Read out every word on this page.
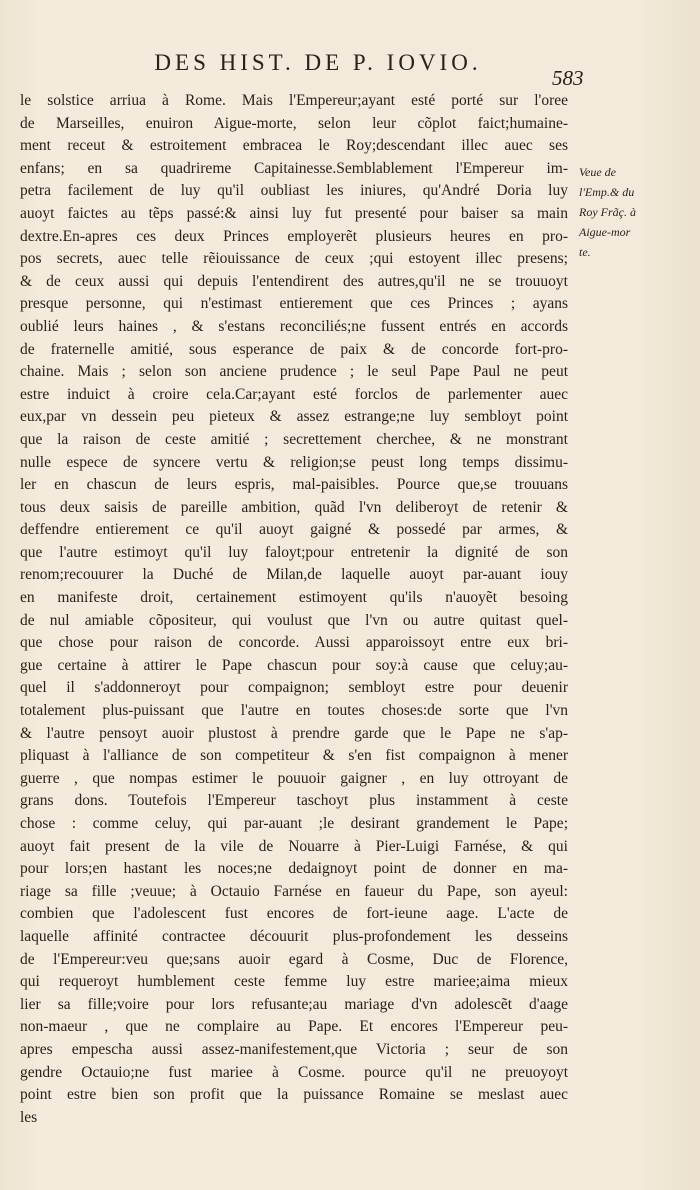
DES HIST. DE P. IOVIO.
583
Veue de
l'Emp.& du
Roy Frãç. à
Aigue-mor
te.
le solstice arriua à Rome. Mais l'Empereur;ayant esté porté sur l'oree
de Marseilles, enuiron Aigue-morte, selon leur cõplot faict;humaine-
ment receut & estroitement embracea le Roy;descendant illec auec ses
enfans; en sa quadrireme Capitainesse.Semblablement l'Empereur im-
petra facilement de luy qu'il oubliast les iniures, qu'André Doria luy
auoyt faictes au tẽps passé:& ainsi luy fut presenté pour baiser sa main
dextre.En-apres ces deux Princes employerẽt plusieurs heures en pro-
pos secrets, auec telle rẽiouissance de ceux ;qui estoyent illec presens;
& de ceux aussi qui depuis l'entendirent des autres,qu'il ne se trouuoyt
presque personne, qui n'estimast entierement que ces Princes ; ayans
oublié leurs haines , & s'estans reconciliés;ne fussent entrés en accords
de fraternelle amitié, sous esperance de paix & de concorde fort-pro-
chaine. Mais ; selon son anciene prudence ; le seul Pape Paul ne peut
estre induict à croire cela.Car;ayant esté forclos de parlementer auec
eux,par vn dessein peu pieteux & assez estrange;ne luy sembloyt point
que la raison de ceste amitié ; secrettement cherchee, & ne monstrant
nulle espece de syncere vertu & religion;se peust long temps dissimu-
ler en chascun de leurs espris, mal-paisibles. Pource que,se trouuans
tous deux saisis de pareille ambition, quãd l'vn deliberoyt de retenir &
deffendre entierement ce qu'il auoyt gaigné & possedé par armes, &
que l'autre estimoyt qu'il luy faloyt;pour entretenir la dignité de son
renom;recouurer la Duché de Milan,de laquelle auoyt par-auant iouy
en manifeste droit, certainement estimoyent qu'ils n'auoyẽt besoing
de nul amiable cõpositeur, qui voulust que l'vn ou autre quitast quel-
que chose pour raison de concorde. Aussi apparoissoyt entre eux bri-
gue certaine à attirer le Pape chascun pour soy:à cause que celuy;au-
quel il s'addonneroyt pour compaignon; sembloyt estre pour deuenir
totalement plus-puissant que l'autre en toutes choses:de sorte que l'vn
& l'autre pensoyt auoir plustost à prendre garde que le Pape ne s'ap-
pliquast à l'alliance de son competiteur & s'en fist compaignon à mener
guerre , que nompas estimer le pouuoir gaigner , en luy ottroyant de
grans dons. Toutefois l'Empereur taschoyt plus instamment à ceste
chose : comme celuy, qui par-auant ;le desirant grandement le Pape;
auoyt fait present de la vile de Nouarre à Pier-Luigi Farnése, & qui
pour lors;en hastant les noces;ne dedaignoyt point de donner en ma-
riage sa fille ;veuue; à Octauio Farnése en faueur du Pape, son ayeul:
combien que l'adolescent fust encores de fort-ieune aage. L'acte de
laquelle affinité contractee découurit plus-profondement les desseins
de l'Empereur:veu que;sans auoir egard à Cosme, Duc de Florence,
qui requeroyt humblement ceste femme luy estre mariee;aima mieux
lier sa fille;voire pour lors refusante;au mariage d'vn adolescẽt d'aage
non-maeur , que ne complaire au Pape. Et encores l'Empereur peu-
apres empescha aussi assez-manifestement,que Victoria ; seur de son
gendre Octauio;ne fust mariee à Cosme. pource qu'il ne preuoyoyt
point estre bien son profit que la puissance Romaine se meslast auec
les
